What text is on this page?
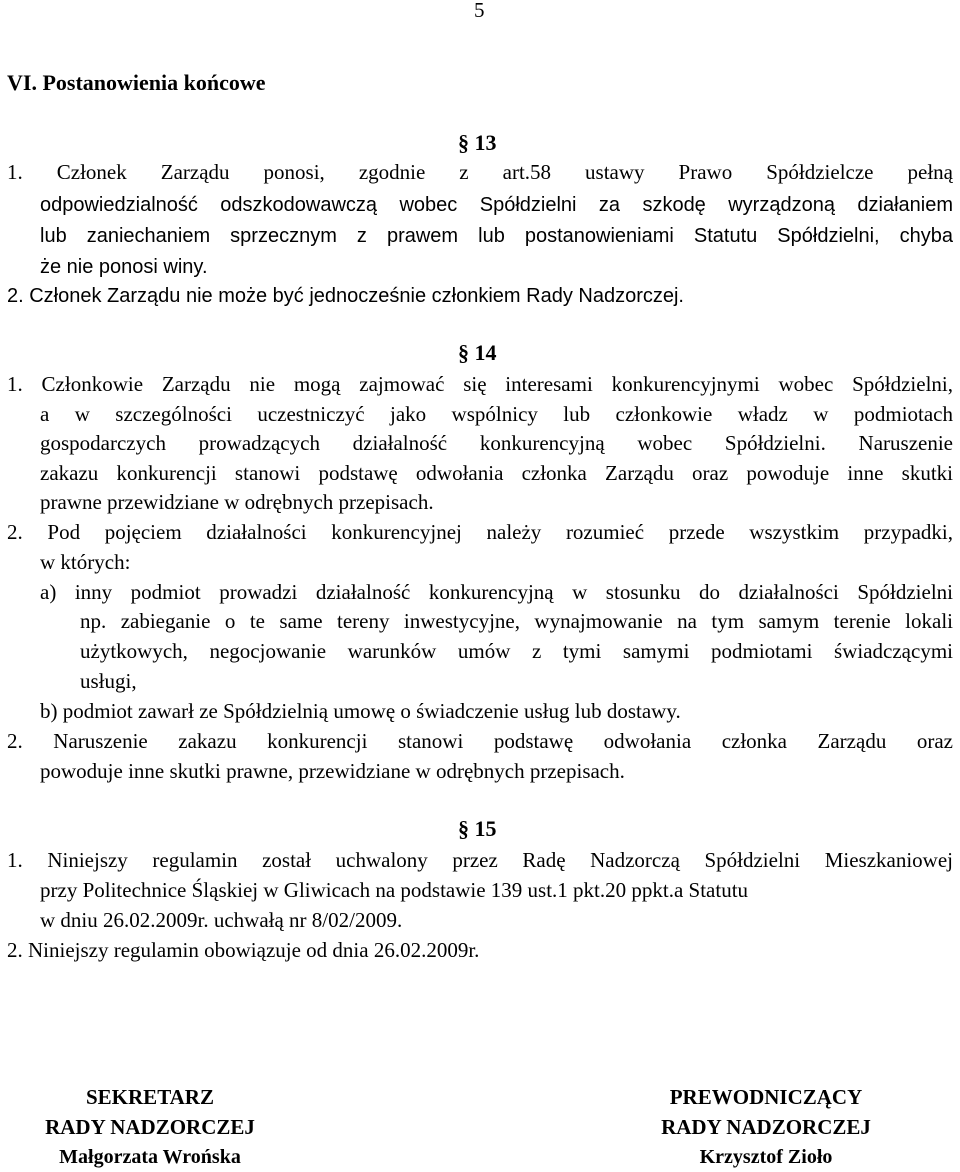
5
VI. Postanowienia końcowe
§ 13
1. Członek Zarządu ponosi, zgodnie z art.58 ustawy Prawo Spółdzielcze pełną
odpowiedzialność odszkodowawczą wobec Spółdzielni za szkodę wyrządzoną działaniem
lub zaniechaniem sprzecznym z prawem lub postanowieniami Statutu Spółdzielni, chyba
że nie ponosi winy.
2. Członek Zarządu nie może być jednocześnie członkiem Rady Nadzorczej.
§ 14
1. Członkowie Zarządu nie mogą zajmować się interesami konkurencyjnymi wobec Spółdzielni,
a w szczególności uczestniczyć jako wspólnicy lub członkowie władz w podmiotach
gospodarczych prowadzących działalność konkurencyjną wobec Spółdzielni. Naruszenie
zakazu konkurencji stanowi podstawę odwołania członka Zarządu oraz powoduje inne skutki
prawne przewidziane w odrębnych przepisach.
2. Pod pojęciem działalności konkurencyjnej należy rozumieć przede wszystkim przypadki,
w których:
a) inny podmiot prowadzi działalność konkurencyjną w stosunku do działalności Spółdzielni
np. zabieganie o te same tereny inwestycyjne, wynajmowanie na tym samym terenie lokali
użytkowych, negocjowanie warunków umów z tymi samymi podmiotami świadczącymi
usługi,
b) podmiot zawarł ze Spółdzielnią umowę o świadczenie usług lub dostawy.
2. Naruszenie zakazu konkurencji stanowi podstawę odwołania członka Zarządu oraz
powoduje inne skutki prawne, przewidziane w odrębnych przepisach.
§ 15
1. Niniejszy regulamin został uchwalony przez Radę Nadzorczą Spółdzielni Mieszkaniowej
przy Politechnice Śląskiej w Gliwicach na podstawie 139 ust.1 pkt.20 ppkt.a Statutu
w dniu 26.02.2009r. uchwałą nr 8/02/2009.
2. Niniejszy regulamin obowiązuje od dnia 26.02.2009r.
SEKRETARZ
RADY NADZORCZEJ
Małgorzata Wrońska
PREWODNICZĄCY
RADY NADZORCZEJ
Krzysztof Zioło
